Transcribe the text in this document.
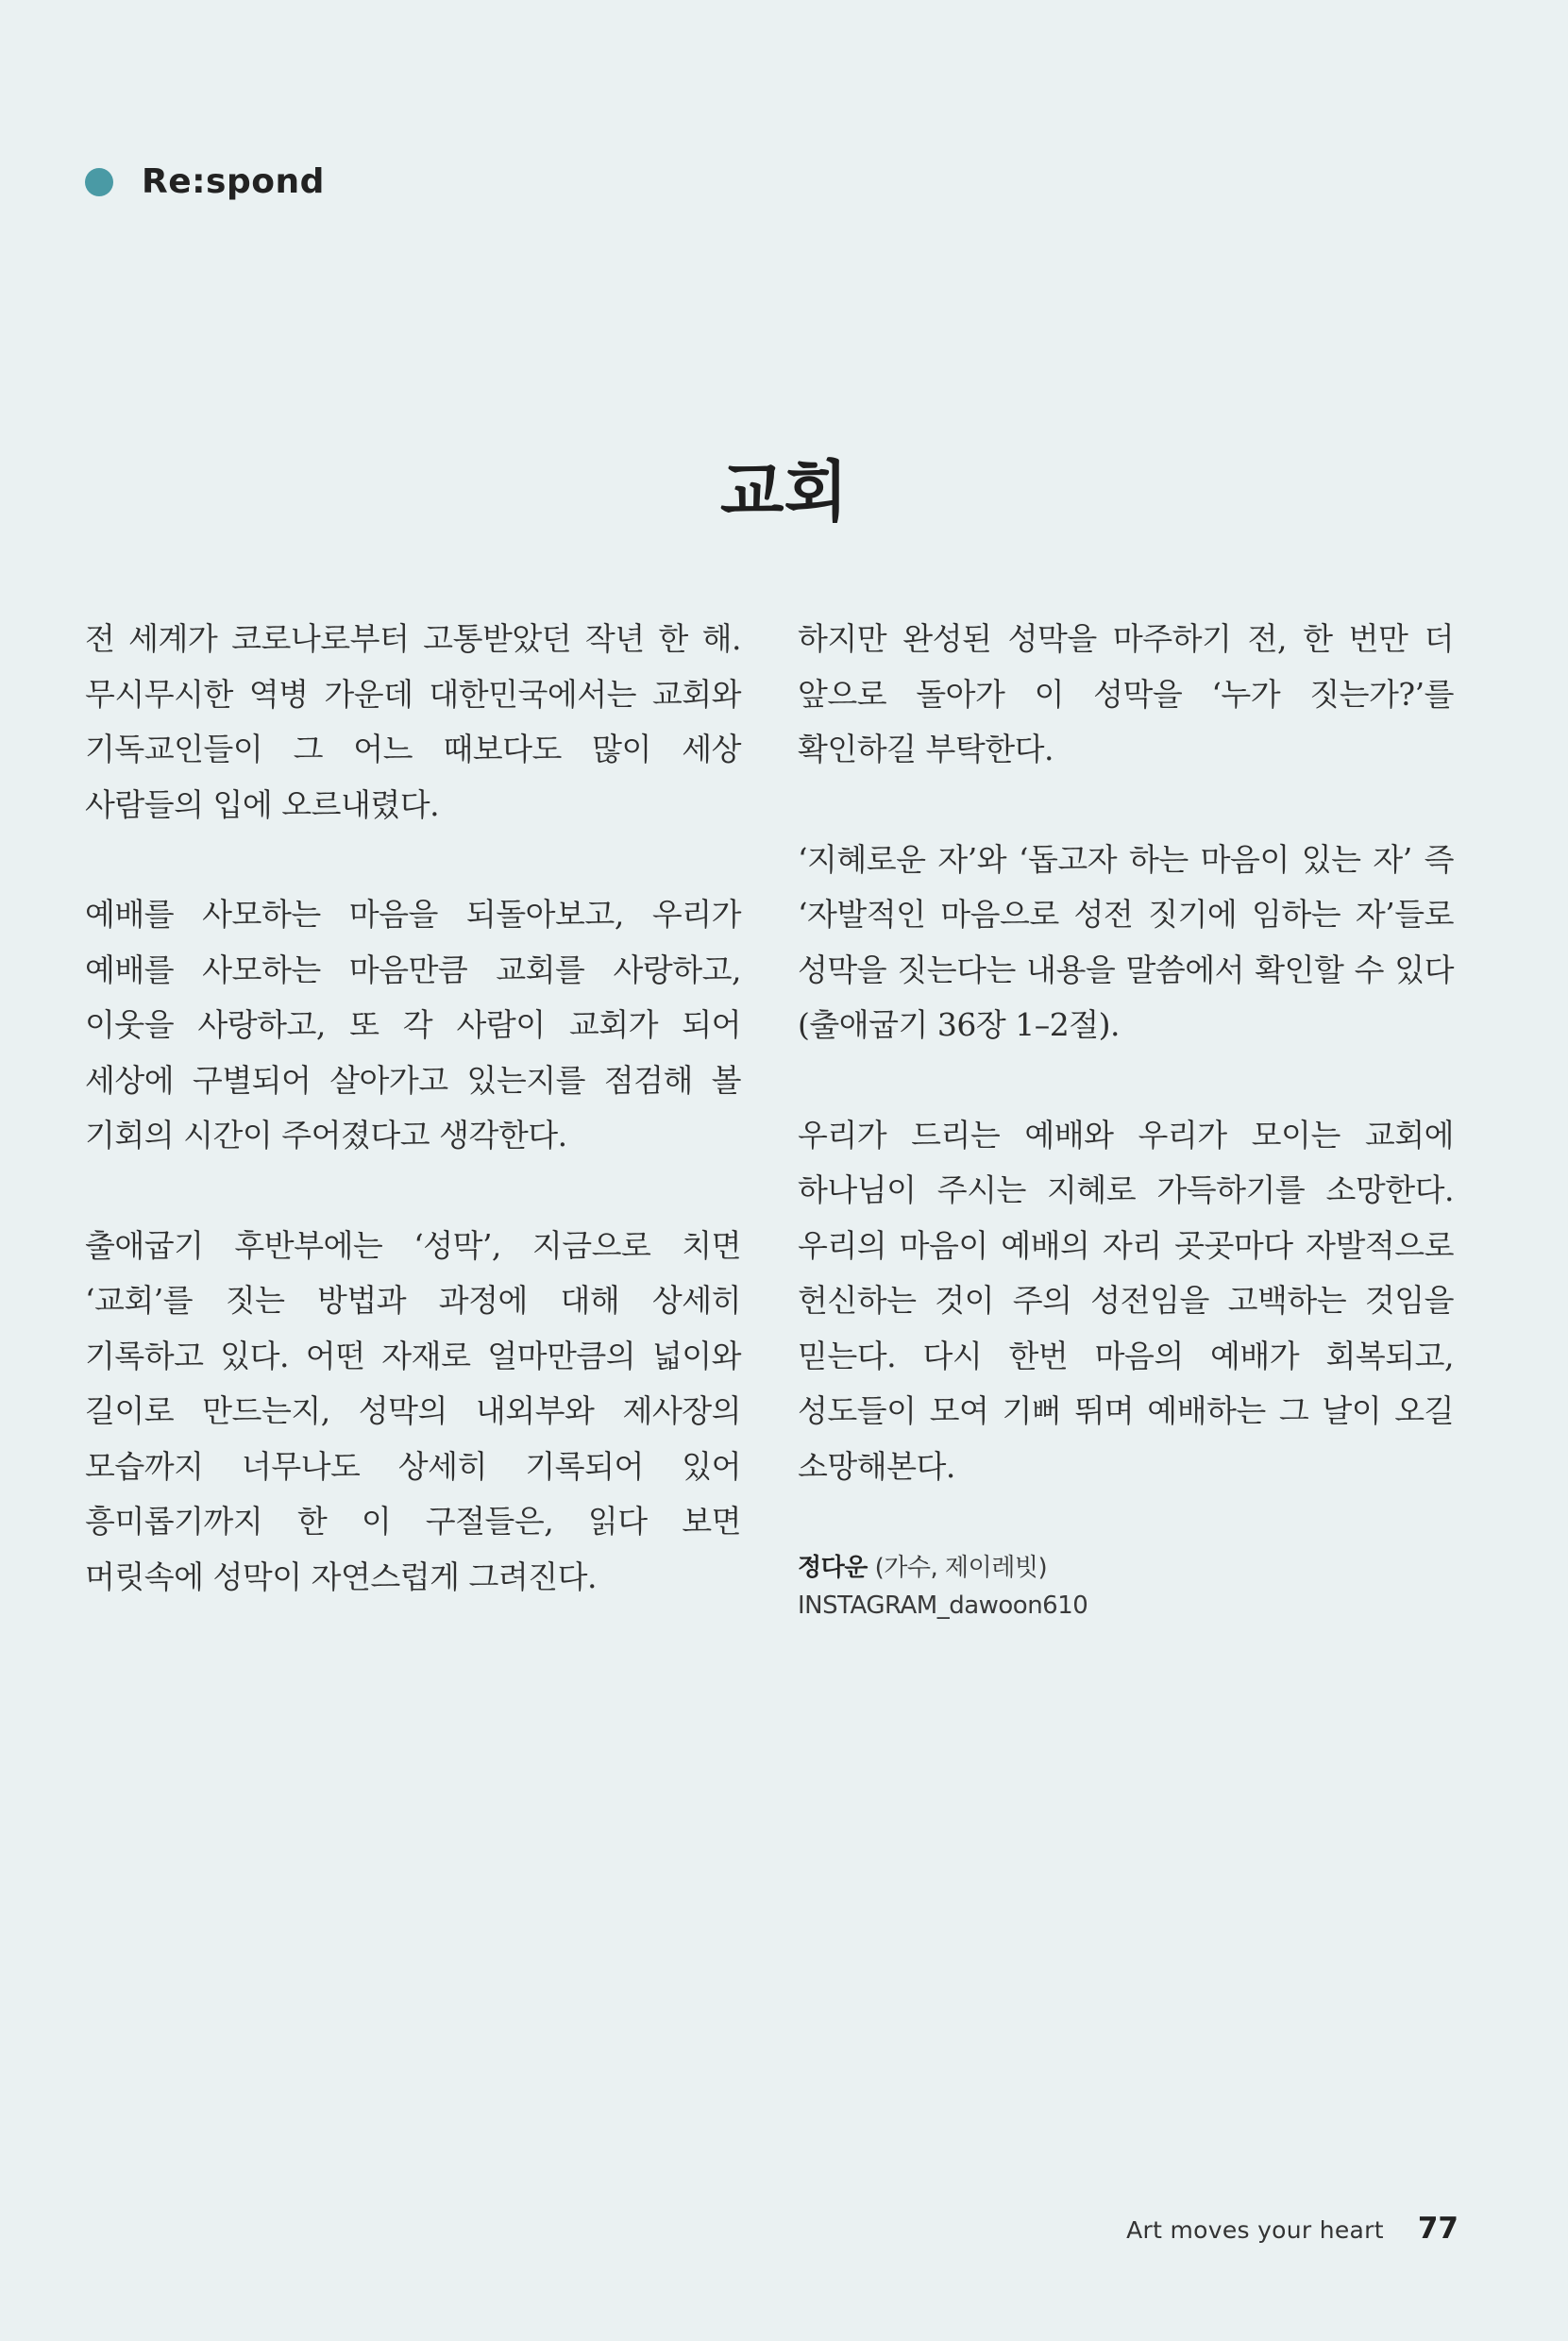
Re:spond
교회

전 세계가 코로나로부터 고통받았던 작년 한 해. 무시무시한 역병 가운데 대한민국에서는 교회와 기독교인들이 그 어느 때보다도 많이 세상 사람들의 입에 오르내렸다.

예배를 사모하는 마음을 되돌아보고, 우리가 예배를 사모하는 마음만큼 교회를 사랑하고, 이웃을 사랑하고, 또 각 사람이 교회가 되어 세상에 구별되어 살아가고 있는지를 점검해 볼 기회의 시간이 주어졌다고 생각한다.

출애굽기 후반부에는 ‘성막’, 지금으로 치면 ‘교회’를 짓는 방법과 과정에 대해 상세히 기록하고 있다. 어떤 자재로 얼마만큼의 넓이와 길이로 만드는지, 성막의 내외부와 제사장의 모습까지 너무나도 상세히 기록되어 있어 흥미롭기까지 한 이 구절들은, 읽다 보면 머릿속에 성막이 자연스럽게 그려진다.

하지만 완성된 성막을 마주하기 전, 한 번만 더 앞으로 돌아가 이 성막을 ‘누가 짓는가?’를 확인하길 부탁한다.

‘지혜로운 자’와 ‘돕고자 하는 마음이 있는 자’ 즉 ‘자발적인 마음으로 성전 짓기에 임하는 자’들로 성막을 짓는다는 내용을 말씀에서 확인할 수 있다(출애굽기 36장 1–2절).

우리가 드리는 예배와 우리가 모이는 교회에 하나님이 주시는 지혜로 가득하기를 소망한다. 우리의 마음이 예배의 자리 곳곳마다 자발적으로 헌신하는 것이 주의 성전임을 고백하는 것임을 믿는다. 다시 한번 마음의 예배가 회복되고, 성도들이 모여 기뻐 뛰며 예배하는 그 날이 오길 소망해본다.

정다운 (가수, 제이레빗)
INSTAGRAM_dawoon610
Art moves your heart 77
